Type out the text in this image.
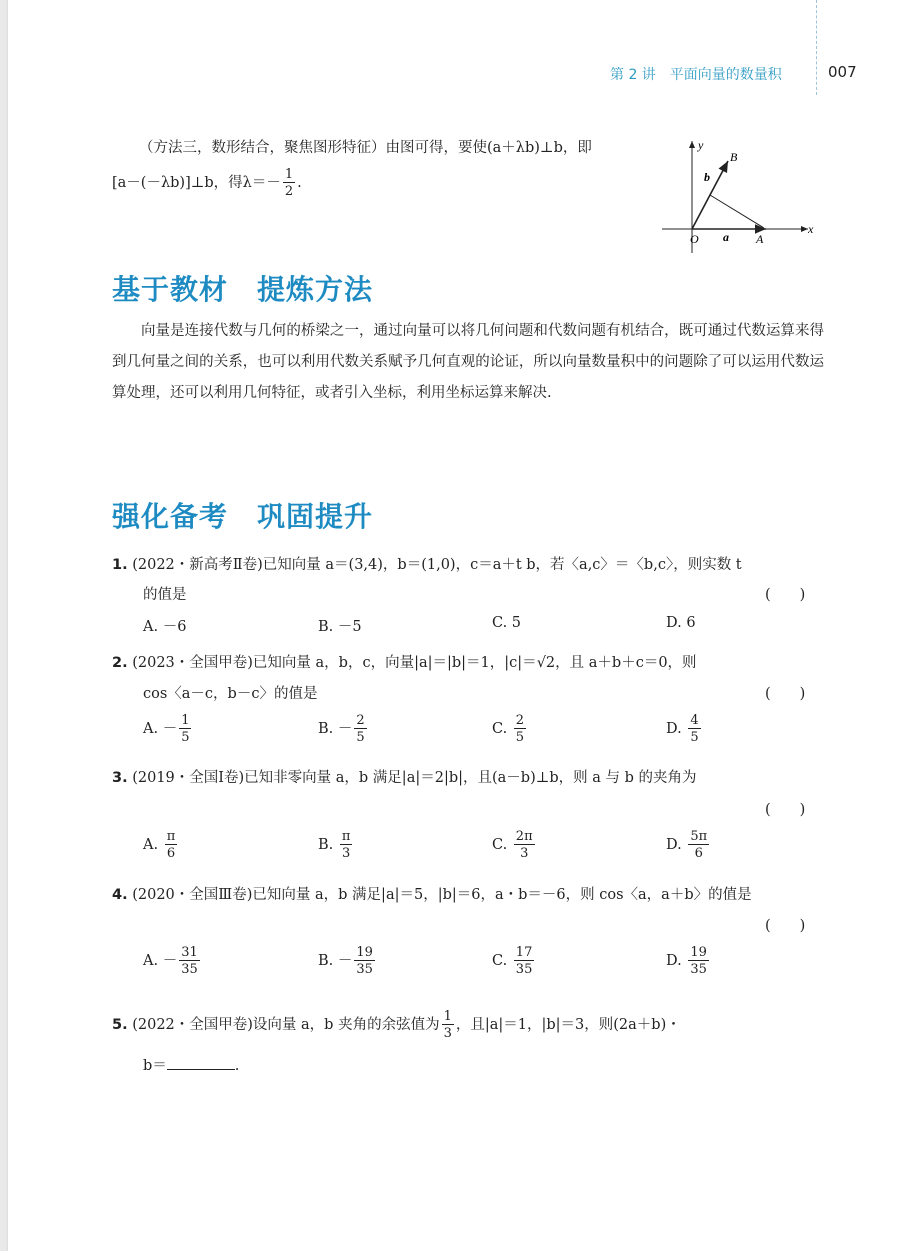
第 2 讲　平面向量的数量积	007
（方法三，数形结合，聚焦图形特征）由图可得，要使(a＋λb)⊥b，即
[a－(－λb)]⊥b，得$\lambda=- \frac{1}{2}$ .
y
x
O a A
b
B
基于教材　提炼方法
向量是连接代数与几何的桥梁之一，通过向量可以将几何问题和代数问题有机结合，既可通过代数运算来得到几何量之间的关系，也可以利用代数关系赋予几何直观的论证，所以向量数量积中的问题除了可以运用代数运算处理，还可以利用几何特征，或者引入坐标，利用坐标运算来解决.
强化备考　巩固提升
1. (2022・新高考Ⅱ卷)已知向量 a＝(3,4)，b＝(1,0)，c＝a＋t b，若〈a,c〉＝〈b,c〉，则实数 t
的值是	(　　)
A. －6	B. －5	C. 5	D. 6
2. (2023・全国甲卷)已知向量 a，b，c，向量|a|＝|b|＝1，|c|＝√2，且 a＋b＋c＝0，则
cos〈a－c，b－c〉的值是	(　　)
A. － $\frac{1}{5}$	B. － $\frac{2}{5}$	C. $\frac{2}{5}$	D. $\frac{4}{5}$
3. (2019・全国Ⅰ卷)已知非零向量 a，b 满足|a|＝2|b|，且(a－b)⊥b，则 a 与 b 的夹角为
(　　)
A. $\frac{\pi}{6}$	B. $\frac{\pi}{3}$	C. $\frac{2\pi}{3}$	D. $\frac{5\pi}{6}$
4. (2020・全国Ⅲ卷)已知向量 a，b 满足|a|＝5，|b|＝6，a・b＝－6，则 cos〈a，a＋b〉的值是
(　　)
A. － $\frac{31}{35}$	B. － $\frac{19}{35}$	C. $\frac{17}{35}$	D. $\frac{19}{35}$
5. (2022・全国甲卷)设向量 a，b 夹角的余弦值为 $\frac{1}{3}$ ，且|a|＝1，|b|＝3，则(2a＋b)・
b＝	.
